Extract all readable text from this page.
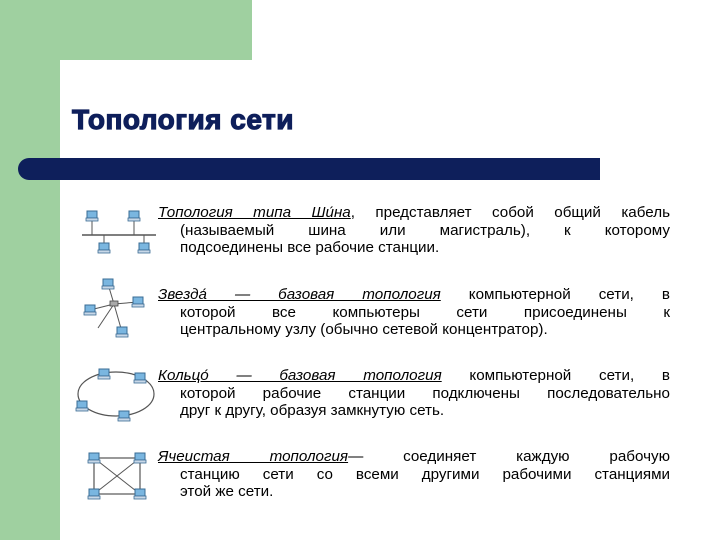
Топология сети

Топология типа Ши́на, представляет собой общий кабель

(называемый шина или магистраль), к которому

подсоединены все рабочие станции.

Звезда́ — базовая топология компьютерной сети, в

которой все компьютеры сети присоединены к

центральному узлу (обычно сетевой концентратор).

Кольцо́ — базовая топология компьютерной сети, в

которой рабочие станции подключены последовательно

друг к другу, образуя замкнутую сеть.

Ячеистая топология— соединяет каждую рабочую

станцию сети со всеми другими рабочими станциями

этой же сети.
